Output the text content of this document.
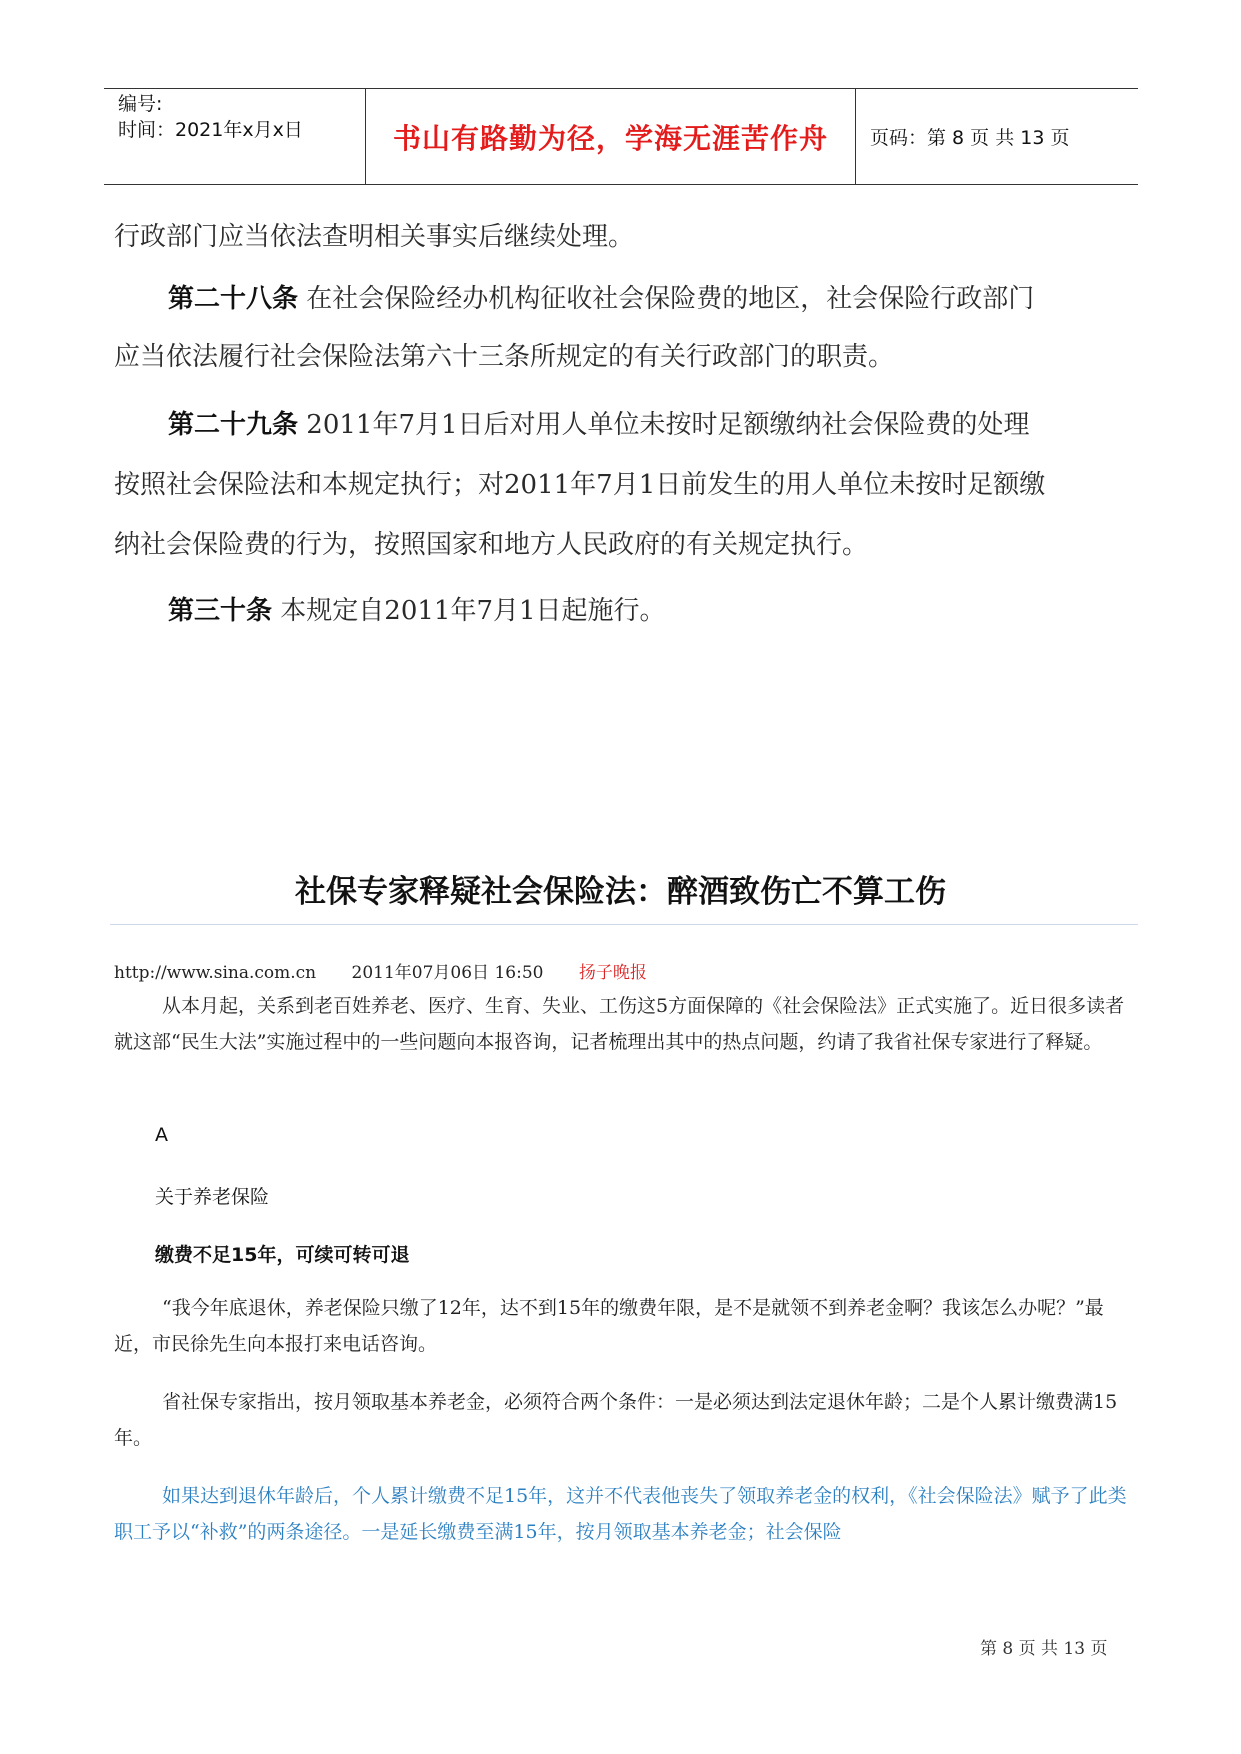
编号:
时间：2021年x月x日	书山有路勤为径，学海无涯苦作舟	页码：第 8 页 共 13 页
行政部门应当依法查明相关事实后继续处理。
第二十八条 在社会保险经办机构征收社会保险费的地区，社会保险行政部门
应当依法履行社会保险法第六十三条所规定的有关行政部门的职责。
第二十九条 2011年7月1日后对用人单位未按时足额缴纳社会保险费的处理
按照社会保险法和本规定执行；对2011年7月1日前发生的用人单位未按时足额缴
纳社会保险费的行为，按照国家和地方人民政府的有关规定执行。
第三十条 本规定自2011年7月1日起施行。
社保专家释疑社会保险法：醉酒致伤亡不算工伤
http://www.sina.com.cn 2011年07月06日 16:50 扬子晚报
从本月起，关系到老百姓养老、医疗、生育、失业、工伤这5方面保障的《社会保险法》正式实施了。近日很多读者就这部“民生大法”实施过程中的一些问题向本报咨询，记者梳理出其中的热点问题，约请了我省社保专家进行了释疑。
A
关于养老保险
缴费不足15年，可续可转可退
“我今年底退休，养老保险只缴了12年，达不到15年的缴费年限，是不是就领不到养老金啊？我该怎么办呢？”最近，市民徐先生向本报打来电话咨询。
省社保专家指出，按月领取基本养老金，必须符合两个条件：一是必须达到法定退休年龄；二是个人累计缴费满15年。
如果达到退休年龄后，个人累计缴费不足15年，这并不代表他丧失了领取养老金的权利，《社会保险法》赋予了此类职工予以“补救”的两条途径。一是延长缴费至满15年，按月领取基本养老金；社会保险
第 8 页 共 13 页
